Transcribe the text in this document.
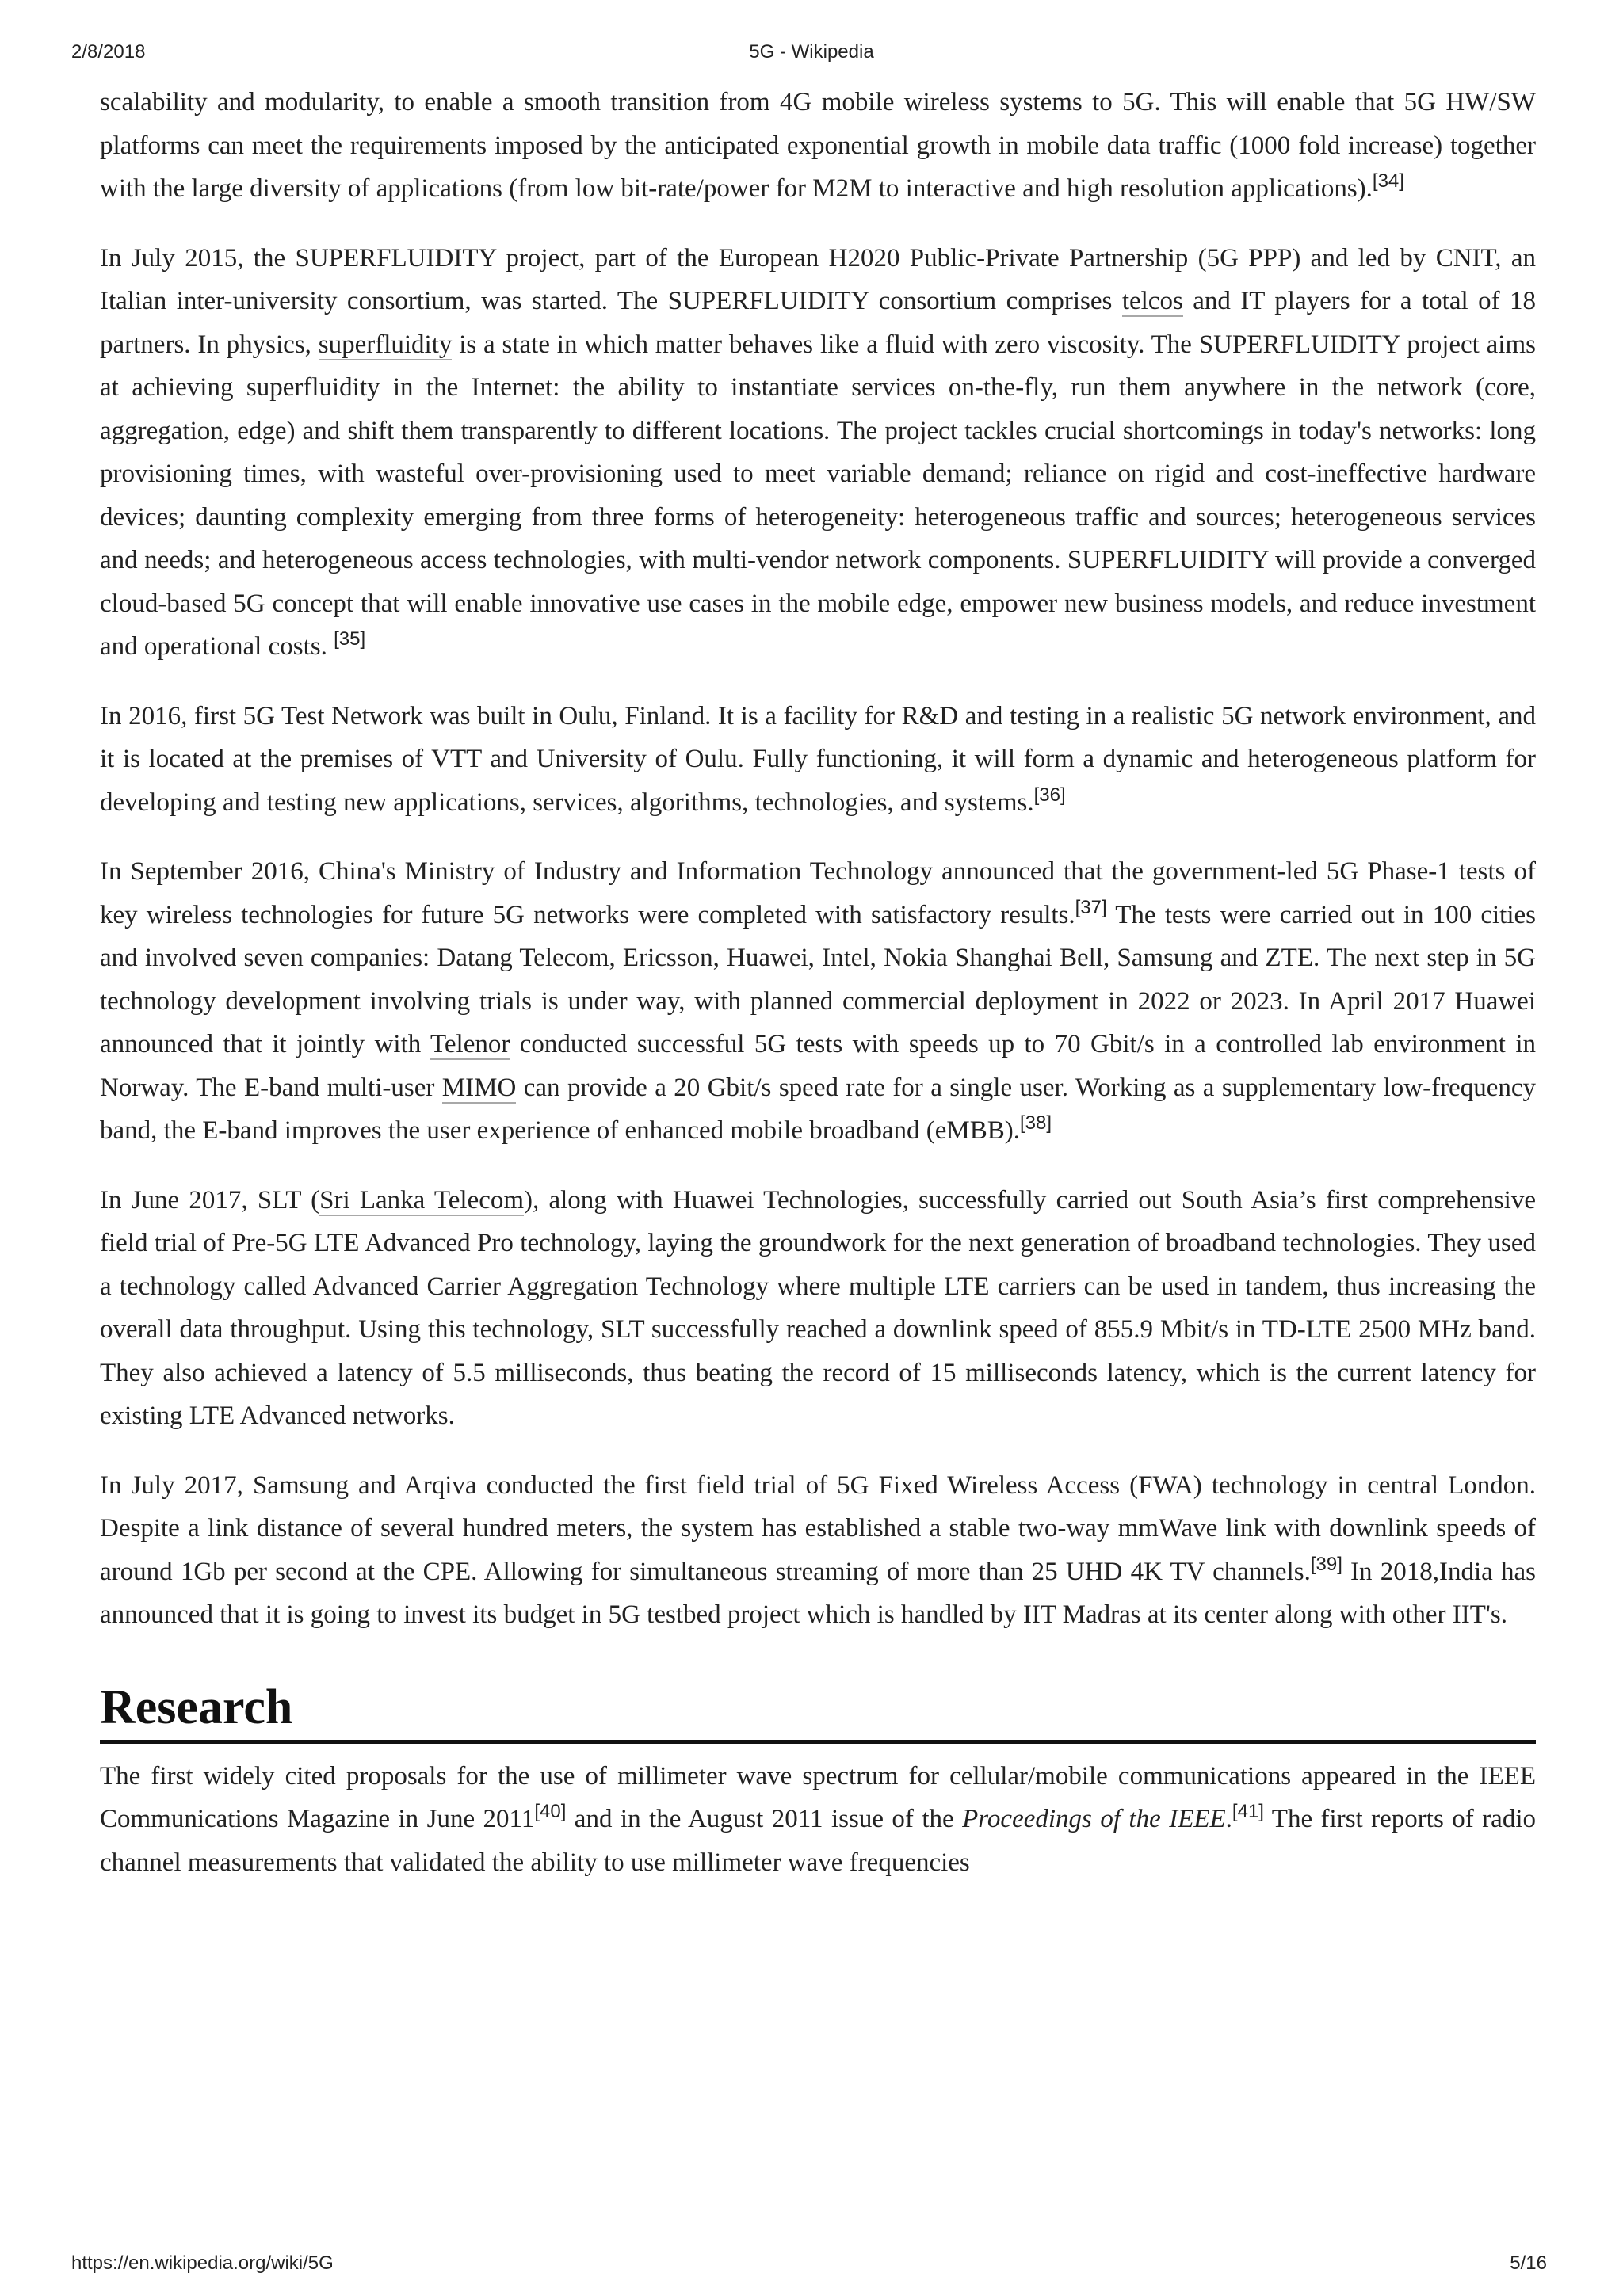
2/8/2018	5G - Wikipedia

scalability and modularity, to enable a smooth transition from 4G mobile wireless systems to 5G. This will enable that 5G HW/SW platforms can meet the requirements imposed by the anticipated exponential growth in mobile data traffic (1000 fold increase) together with the large diversity of applications (from low bit-rate/power for M2M to interactive and high resolution applications).[34]

In July 2015, the SUPERFLUIDITY project, part of the European H2020 Public-Private Partnership (5G PPP) and led by CNIT, an Italian inter-university consortium, was started. The SUPERFLUIDITY consortium comprises telcos and IT players for a total of 18 partners. In physics, superfluidity is a state in which matter behaves like a fluid with zero viscosity. The SUPERFLUIDITY project aims at achieving superfluidity in the Internet: the ability to instantiate services on-the-fly, run them anywhere in the network (core, aggregation, edge) and shift them transparently to different locations. The project tackles crucial shortcomings in today's networks: long provisioning times, with wasteful over-provisioning used to meet variable demand; reliance on rigid and cost-ineffective hardware devices; daunting complexity emerging from three forms of heterogeneity: heterogeneous traffic and sources; heterogeneous services and needs; and heterogeneous access technologies, with multi-vendor network components. SUPERFLUIDITY will provide a converged cloud-based 5G concept that will enable innovative use cases in the mobile edge, empower new business models, and reduce investment and operational costs. [35]

In 2016, first 5G Test Network was built in Oulu, Finland. It is a facility for R&D and testing in a realistic 5G network environment, and it is located at the premises of VTT and University of Oulu. Fully functioning, it will form a dynamic and heterogeneous platform for developing and testing new applications, services, algorithms, technologies, and systems.[36]

In September 2016, China's Ministry of Industry and Information Technology announced that the government-led 5G Phase-1 tests of key wireless technologies for future 5G networks were completed with satisfactory results.[37] The tests were carried out in 100 cities and involved seven companies: Datang Telecom, Ericsson, Huawei, Intel, Nokia Shanghai Bell, Samsung and ZTE. The next step in 5G technology development involving trials is under way, with planned commercial deployment in 2022 or 2023. In April 2017 Huawei announced that it jointly with Telenor conducted successful 5G tests with speeds up to 70 Gbit/s in a controlled lab environment in Norway. The E-band multi-user MIMO can provide a 20 Gbit/s speed rate for a single user. Working as a supplementary low-frequency band, the E-band improves the user experience of enhanced mobile broadband (eMBB).[38]

In June 2017, SLT (Sri Lanka Telecom), along with Huawei Technologies, successfully carried out South Asia’s first comprehensive field trial of Pre-5G LTE Advanced Pro technology, laying the groundwork for the next generation of broadband technologies. They used a technology called Advanced Carrier Aggregation Technology where multiple LTE carriers can be used in tandem, thus increasing the overall data throughput. Using this technology, SLT successfully reached a downlink speed of 855.9 Mbit/s in TD-LTE 2500 MHz band. They also achieved a latency of 5.5 milliseconds, thus beating the record of 15 milliseconds latency, which is the current latency for existing LTE Advanced networks.

In July 2017, Samsung and Arqiva conducted the first field trial of 5G Fixed Wireless Access (FWA) technology in central London. Despite a link distance of several hundred meters, the system has established a stable two-way mmWave link with downlink speeds of around 1Gb per second at the CPE. Allowing for simultaneous streaming of more than 25 UHD 4K TV channels.[39] In 2018,India has announced that it is going to invest its budget in 5G testbed project which is handled by IIT Madras at its center along with other IIT's.

Research

The first widely cited proposals for the use of millimeter wave spectrum for cellular/mobile communications appeared in the IEEE Communications Magazine in June 2011[40] and in the August 2011 issue of the Proceedings of the IEEE.[41] The first reports of radio channel measurements that validated the ability to use millimeter wave frequencies

https://en.wikipedia.org/wiki/5G	5/16
